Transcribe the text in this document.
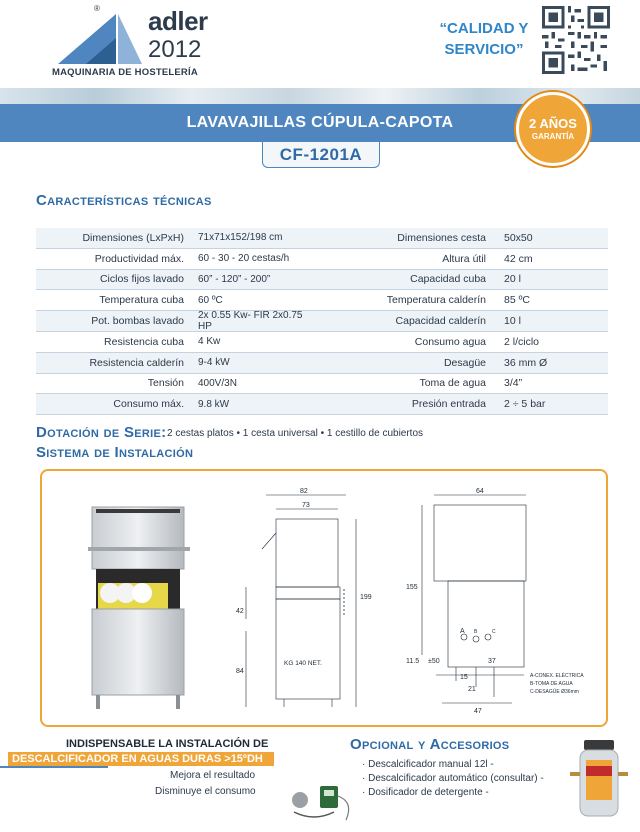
® adler
2012
MAQUINARIA DE HOSTELERÍA
“CALIDAD Y
SERVICIO”
LAVAVAJILLAS CÚPULA-CAPOTA
CF-1201A
2 AÑOS
GARANTÍA
Características técnicas
Dimensiones (LxPxH)	71x71x152/198 cm	Dimensiones cesta	50x50
Productividad máx.	60 - 30 - 20 cestas/h	Altura útil	42 cm
Ciclos fijos lavado	60” - 120” - 200”	Capacidad cuba	20 l
Temperatura cuba	60 ºC	Temperatura calderín	85 ºC
Pot. bombas lavado	2x 0.55 Kw- FIR 2x0.75 HP	Capacidad calderín	10 l
Resistencia cuba	4 Kw	Consumo agua	2 l/ciclo
Resistencia calderín	9-4 kW	Desagüe	36 mm Ø
Tensión	400V/3N	Toma de agua	3/4”
Consumo máx.	9.8 kW	Presión entrada	2 ÷ 5 bar
Dotación de Serie: 2 cestas platos • 1 cesta universal • 1 cestillo de cubiertos
Sistema de Instalación
82
73
199
42
84
KG 140 NET.
64
155
A B	C
11.5 ±50
15
37
21
47
A-CONEX. ELÉCTRICA
B-TOMA DE AGUA
C-DESAGÜE Ø36mm
INDISPENSABLE LA INSTALACIÓN DE
DESCALCIFICADOR EN AGUAS DURAS >15ºDH
Mejora el resultado
Disminuye el consumo
Opcional y Accesorios
· Descalcificador manual 12l -
· Descalcificador automático (consultar) -
· Dosificador de detergente -
